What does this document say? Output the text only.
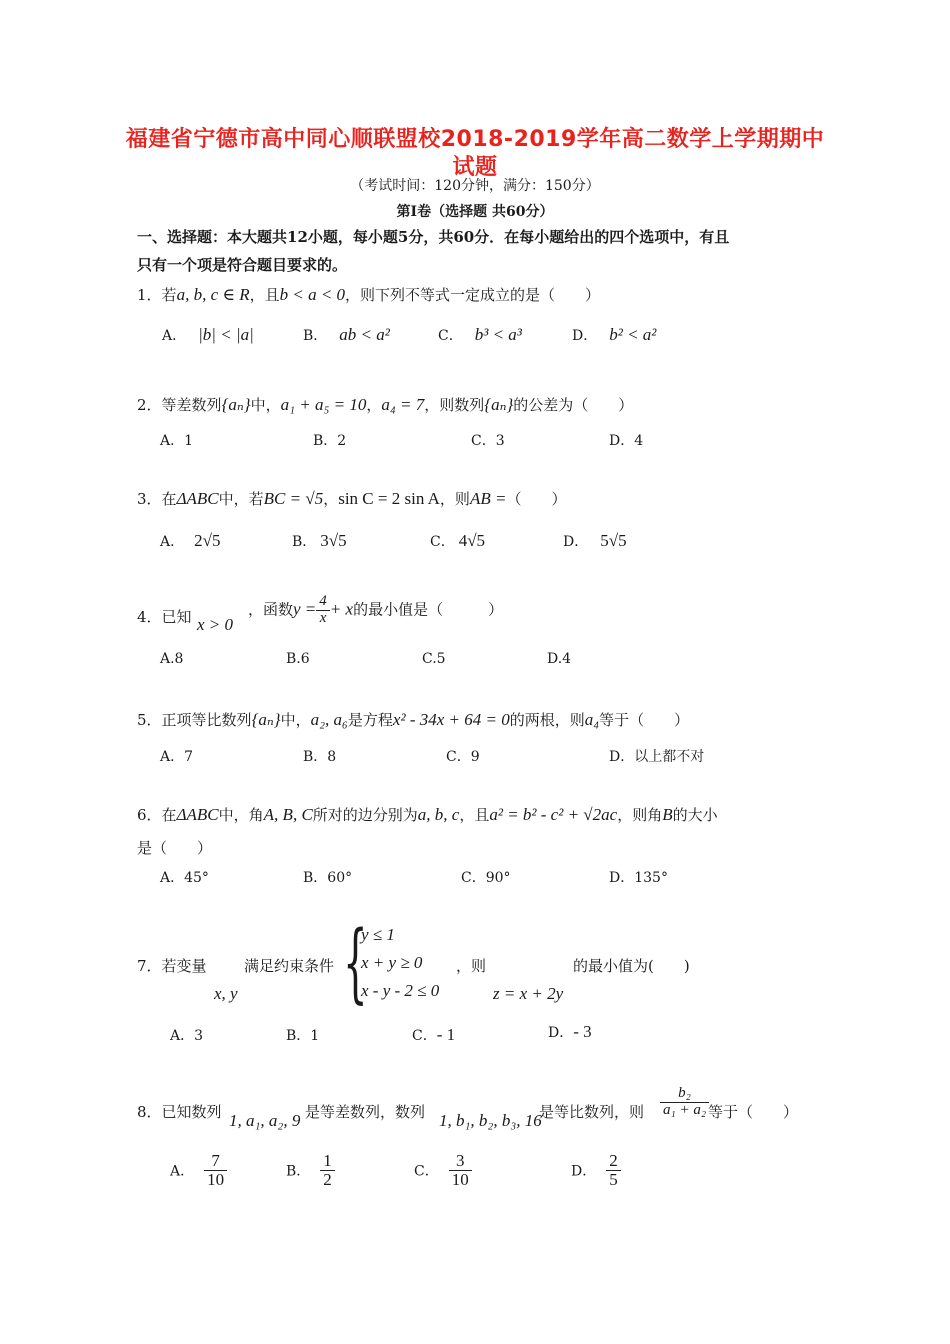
福建省宁德市高中同心顺联盟校2018-2019学年高二数学上学期期中
试题
（考试时间：120分钟，满分：150分）
第Ⅰ卷（选择题 共60分）
一、选择题：本大题共12小题，每小题5分，共60分．在每小题给出的四个选项中，有且
只有一个项是符合题目要求的。
1．若a, b, c ∈ R，且b < a < 0，则下列不等式一定成立的是（　　）
A． |b| < |a|	B． ab < a²	C． b³ < a³	D． b² < a²
2．等差数列{aₙ}中，a₁ + a₅ = 10，a₄ = 7，则数列{aₙ}的公差为（　　）
A．1	B．2	C．3	D．4
3．在ΔABC中，若BC = √5，sin C = 2 sin A，则AB =（　　）
A． 2√5	B． 3√5	C． 4√5	D． 5√5
4．已知 x > 0
，函数$y = \frac{4}{x} + x$的最小值是（　　　）
A.8	B.6	C.5	D.4
5．正项等比数列{aₙ}中，a₂, a₆是方程x² - 34x + 64 = 0的两根，则a₄等于（　　）
A．7	B．8	C．9	D．以上都不对
6．在ΔABC中，角A, B, C所对的边分别为a, b, c，且a² = b² - c² + √2ac，则角B的大小
是（　　）
A．45°	B．60°	C．90°	D．135°
7．若变量
x, y
满足约束条件 {
y ≤ 1
x + y ≥ 0
x - y - 2 ≤ 0
，则
z = x + 2y
的最小值为(　　)
A．3	B．1	C．- 1	D．- 3
8．已知数列 1, a₁, a₂, 9 是等差数列，数列 1, b₁, b₂, b₃, 16
是等比数列，则 $\frac{\text{b₂}}{\text{a₁ + a₂}}$
等于（　　）
A． $\frac{7}{10}$	B． $\frac{1}{2}$	C． $\frac{3}{10}$	D． $\frac{2}{5}$
